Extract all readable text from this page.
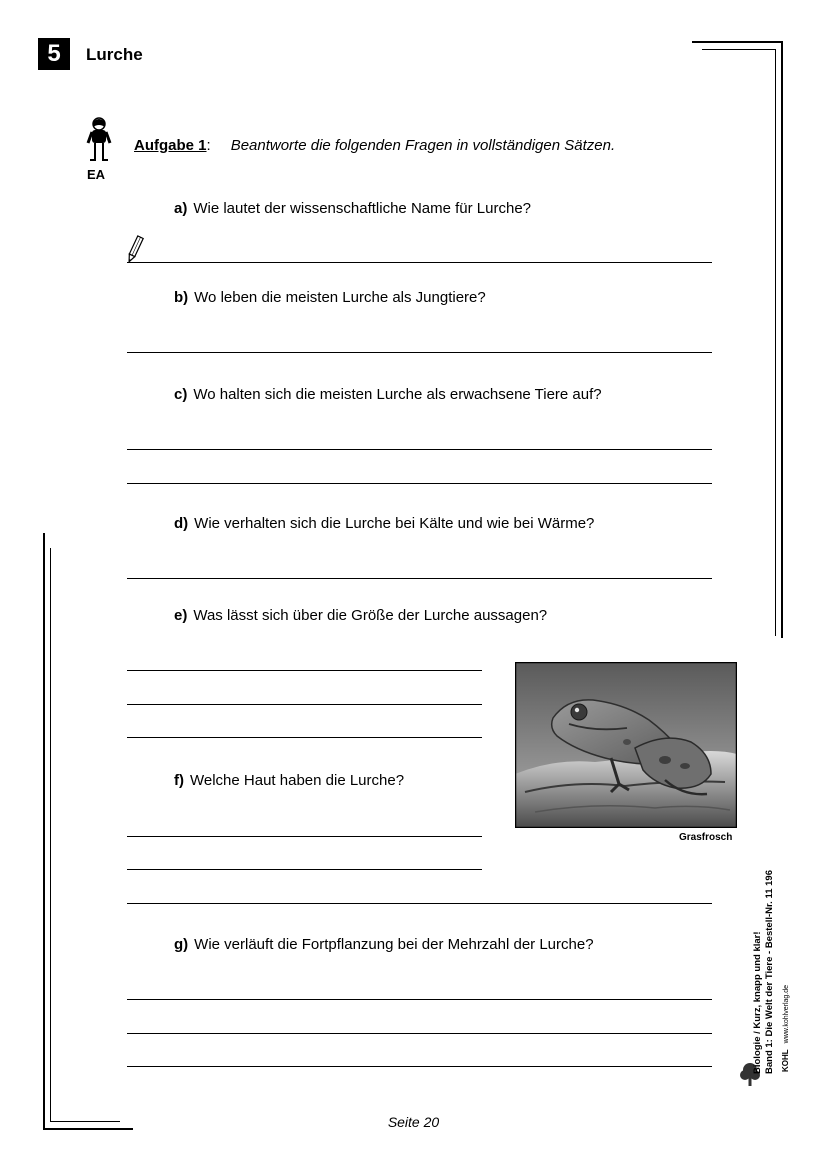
5	Lurche
EA
Aufgabe 1: Beantworte die folgenden Fragen in vollständigen Sätzen.
a) Wie lautet der wissenschaftliche Name für Lurche?
b) Wo leben die meisten Lurche als Jungtiere?
c) Wo halten sich die meisten Lurche als erwachsene Tiere auf?
d) Wie verhalten sich die Lurche bei Kälte und wie bei Wärme?
e) Was lässt sich über die Größe der Lurche aussagen?
f) Welche Haut haben die Lurche?
g) Wie verläuft die Fortpflanzung bei der Mehrzahl der Lurche?
Grasfrosch
Biologie / Kurz, knapp und klar! Band 1: Die Welt der Tiere - Bestell-Nr. 11 196 KOHLwww.kohlverlag.de
Seite 20
